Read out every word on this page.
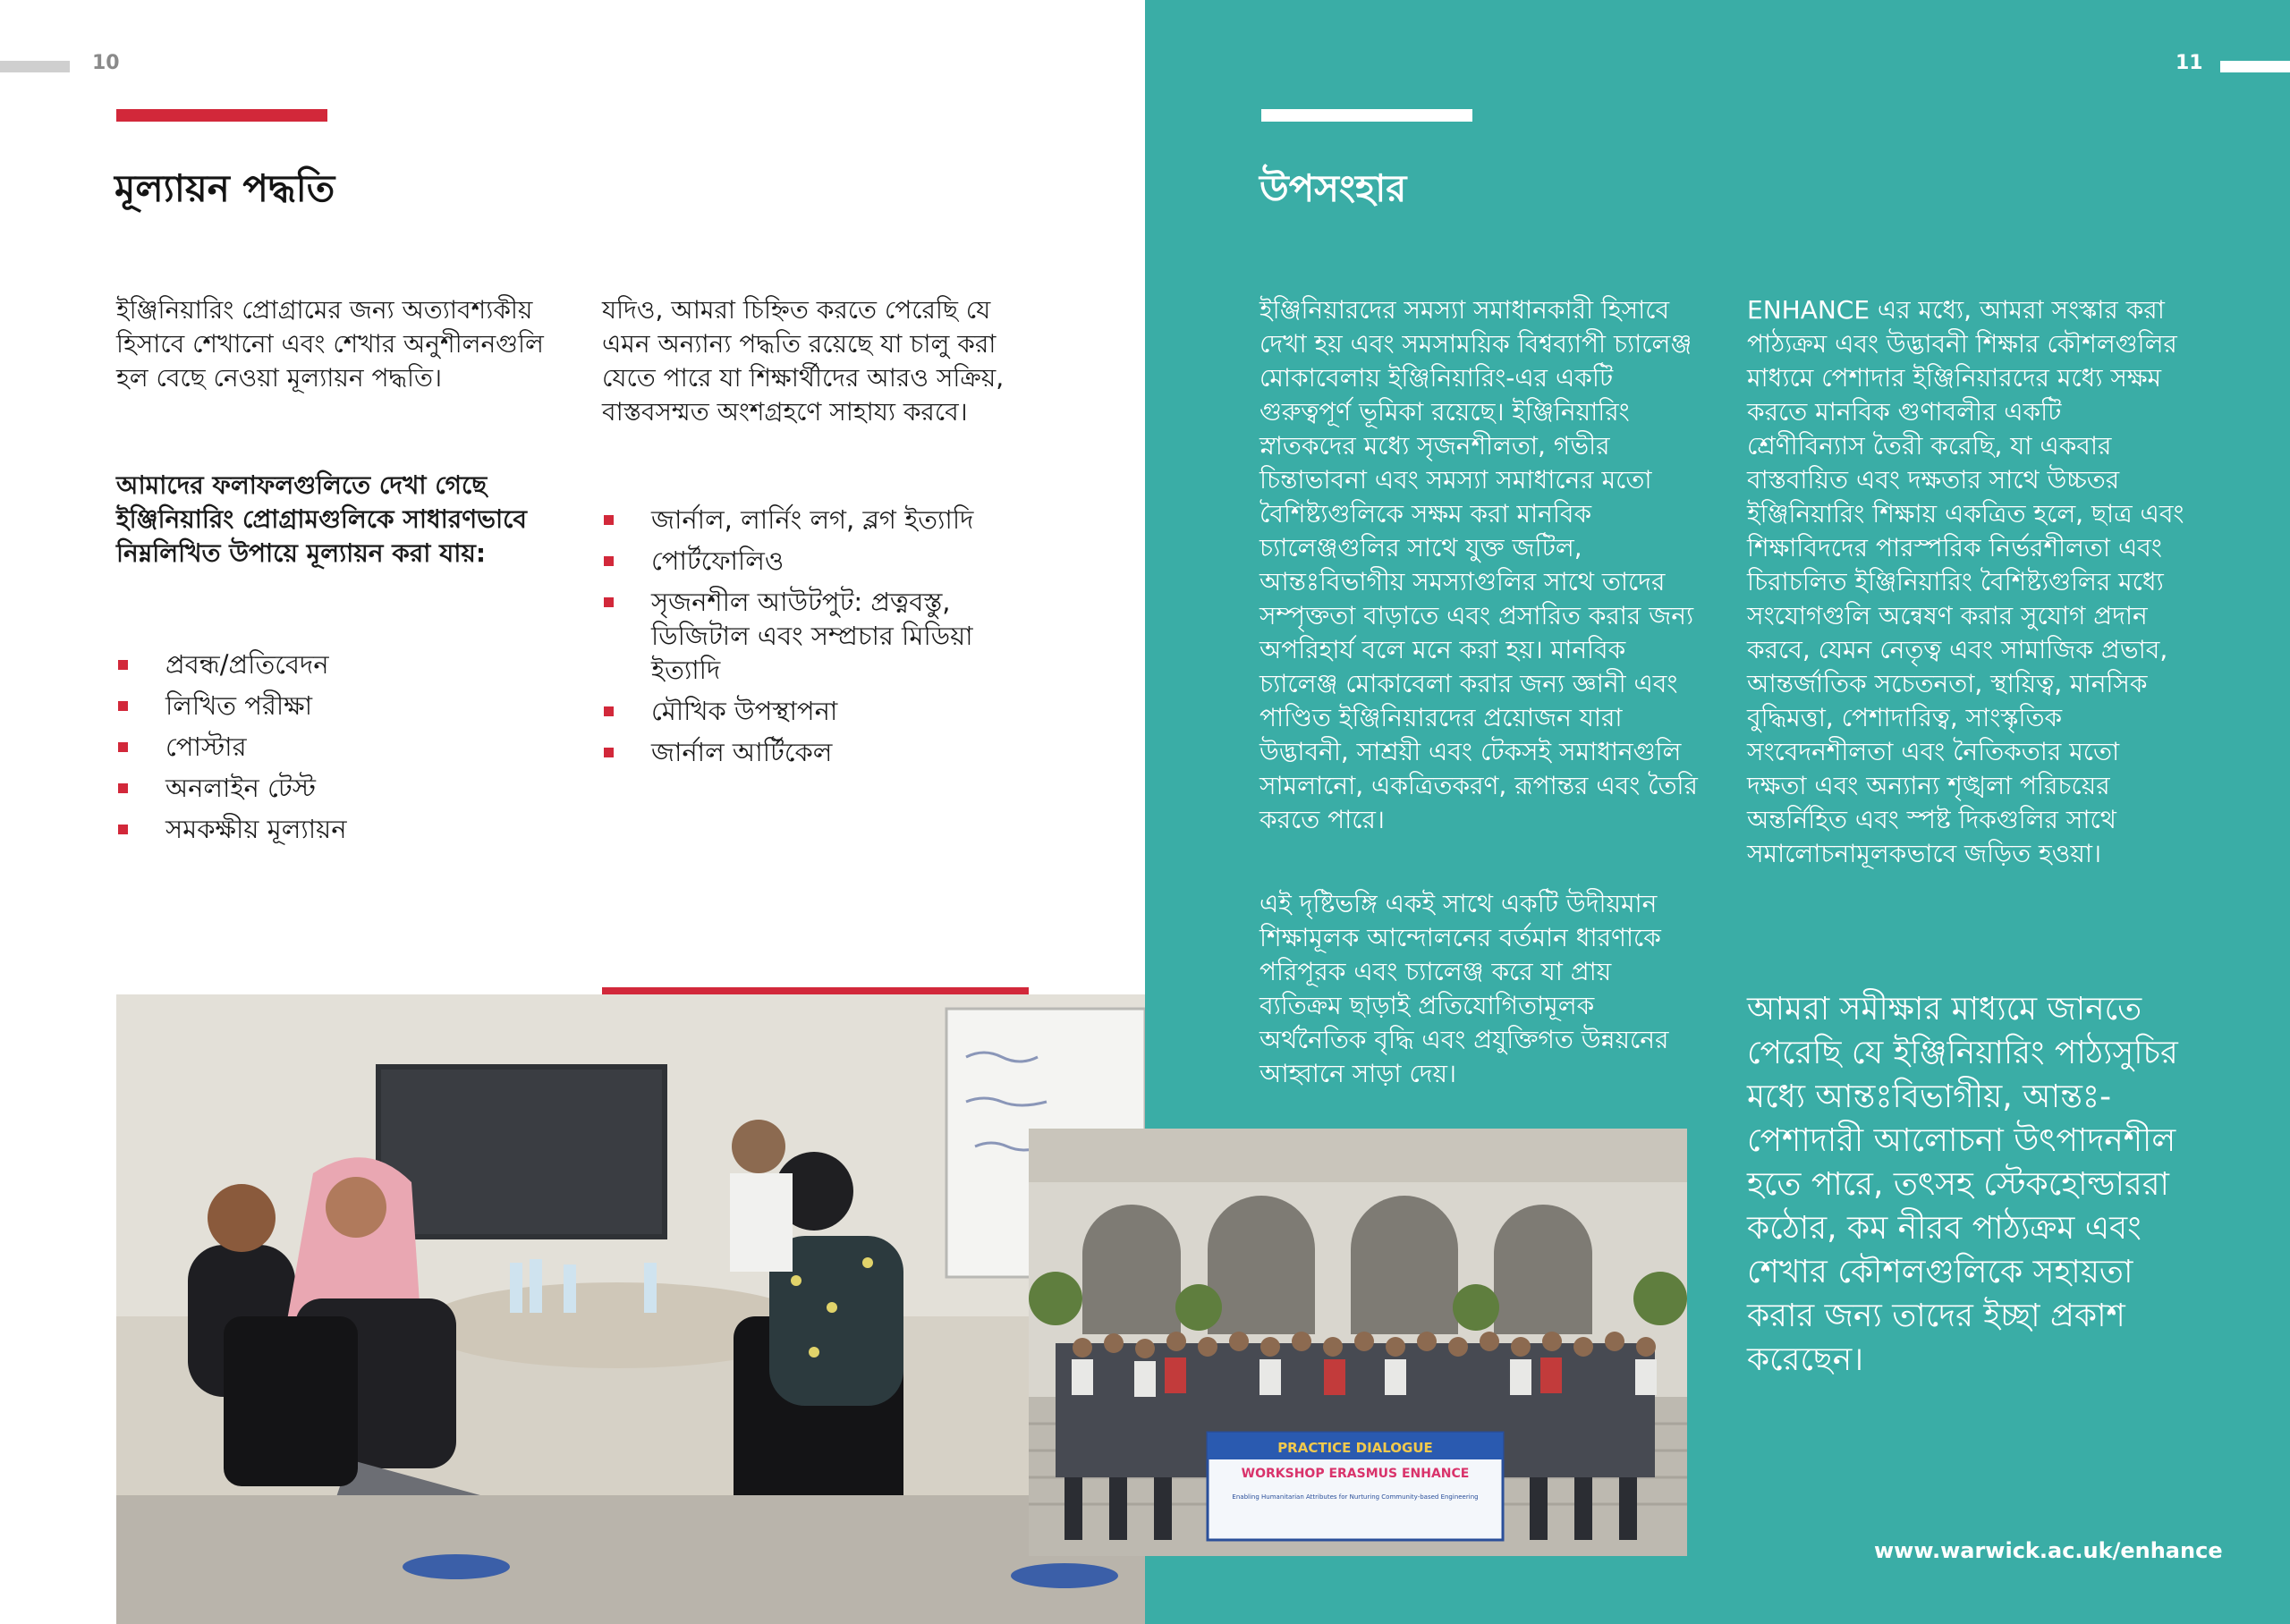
10
মূল্যায়ন পদ্ধতি
ইঞ্জিনিয়ারিং প্রোগ্রামের জন্য অত্যাবশ্যকীয় হিসাবে শেখানো এবং শেখার অনুশীলনগুলি হল বেছে নেওয়া মূল্যায়ন পদ্ধতি।
আমাদের ফলাফলগুলিতে দেখা গেছে ইঞ্জিনিয়ারিং প্রোগ্রামগুলিকে সাধারণভাবে নিম্নলিখিত উপায়ে মূল্যায়ন করা যায়:
প্রবন্ধ/প্রতিবেদন
লিখিত পরীক্ষা
পোস্টার
অনলাইন টেস্ট
সমকক্ষীয় মূল্যায়ন
যদিও, আমরা চিহ্নিত করতে পেরেছি যে এমন অন্যান্য পদ্ধতি রয়েছে যা চালু করা যেতে পারে যা শিক্ষার্থীদের আরও সক্রিয়, বাস্তবসম্মত অংশগ্রহণে সাহায্য করবে।
জার্নাল, লার্নিং লগ, ব্লগ ইত্যাদি
পোর্টফোলিও
সৃজনশীল আউটপুট: প্রত্নবস্তু, ডিজিটাল এবং সম্প্রচার মিডিয়া ইত্যাদি
মৌখিক উপস্থাপনা
জার্নাল আর্টিকেল
11
উপসংহার
ইঞ্জিনিয়ারদের সমস্যা সমাধানকারী হিসাবে দেখা হয় এবং সমসাময়িক বিশ্বব্যাপী চ্যালেঞ্জ মোকাবেলায় ইঞ্জিনিয়ারিং-এর একটি গুরুত্বপূর্ণ ভূমিকা রয়েছে। ইঞ্জিনিয়ারিং স্নাতকদের মধ্যে সৃজনশীলতা, গভীর চিন্তাভাবনা এবং সমস্যা সমাধানের মতো বৈশিষ্ট্যগুলিকে সক্ষম করা মানবিক চ্যালেঞ্জগুলির সাথে যুক্ত জটিল, আন্তঃবিভাগীয় সমস্যাগুলির সাথে তাদের সম্পৃক্ততা বাড়াতে এবং প্রসারিত করার জন্য অপরিহার্য বলে মনে করা হয়। মানবিক চ্যালেঞ্জ মোকাবেলা করার জন্য জ্ঞানী এবং পাণ্ডিত ইঞ্জিনিয়ারদের প্রয়োজন যারা উদ্ভাবনী, সাশ্রয়ী এবং টেকসই সমাধানগুলি সামলানো, একত্রিতকরণ, রূপান্তর এবং তৈরি করতে পারে।
এই দৃষ্টিভঙ্গি একই সাথে একটি উদীয়মান শিক্ষামূলক আন্দোলনের বর্তমান ধারণাকে পরিপূরক এবং চ্যালেঞ্জ করে যা প্রায় ব্যতিক্রম ছাড়াই প্রতিযোগিতামূলক অর্থনৈতিক বৃদ্ধি এবং প্রযুক্তিগত উন্নয়নের আহ্বানে সাড়া দেয়।
ENHANCE এর মধ্যে, আমরা সংস্কার করা পাঠ্যক্রম এবং উদ্ভাবনী শিক্ষার কৌশলগুলির মাধ্যমে পেশাদার ইঞ্জিনিয়ারদের মধ্যে সক্ষম করতে মানবিক গুণাবলীর একটি শ্রেণীবিন্যাস তৈরী করেছি, যা একবার বাস্তবায়িত এবং দক্ষতার সাথে উচ্চতর ইঞ্জিনিয়ারিং শিক্ষায় একত্রিত হলে, ছাত্র এবং শিক্ষাবিদদের পারস্পরিক নির্ভরশীলতা এবং চিরাচলিত ইঞ্জিনিয়ারিং বৈশিষ্ট্যগুলির মধ্যে সংযোগগুলি অন্বেষণ করার সুযোগ প্রদান করবে, যেমন নেতৃত্ব এবং সামাজিক প্রভাব, আন্তর্জাতিক সচেতনতা, স্থায়িত্ব, মানসিক বুদ্ধিমত্তা, পেশাদারিত্ব, সাংস্কৃতিক সংবেদনশীলতা এবং নৈতিকতার মতো দক্ষতা এবং অন্যান্য শৃঙ্খলা পরিচয়ের অন্তর্নিহিত এবং স্পষ্ট দিকগুলির সাথে সমালোচনামূলকভাবে জড়িত হওয়া।
আমরা সমীক্ষার মাধ্যমে জানতে পেরেছি যে ইঞ্জিনিয়ারিং পাঠ্যসুচির মধ্যে আন্তঃবিভাগীয়, আন্তঃ-পেশাদারী আলোচনা উৎপাদনশীল হতে পারে, তৎসহ স্টেকহোল্ডাররা কঠোর, কম নীরব পাঠ্যক্রম এবং শেখার কৌশলগুলিকে সহায়তা করার জন্য তাদের ইচ্ছা প্রকাশ করেছেন।
www.warwick.ac.uk/enhance
PRACTICE DIALOGUE
WORKSHOP ERASMUS ENHANCE
Enabling Humanitarian Attributes for Nurturing Community-based Engineering
